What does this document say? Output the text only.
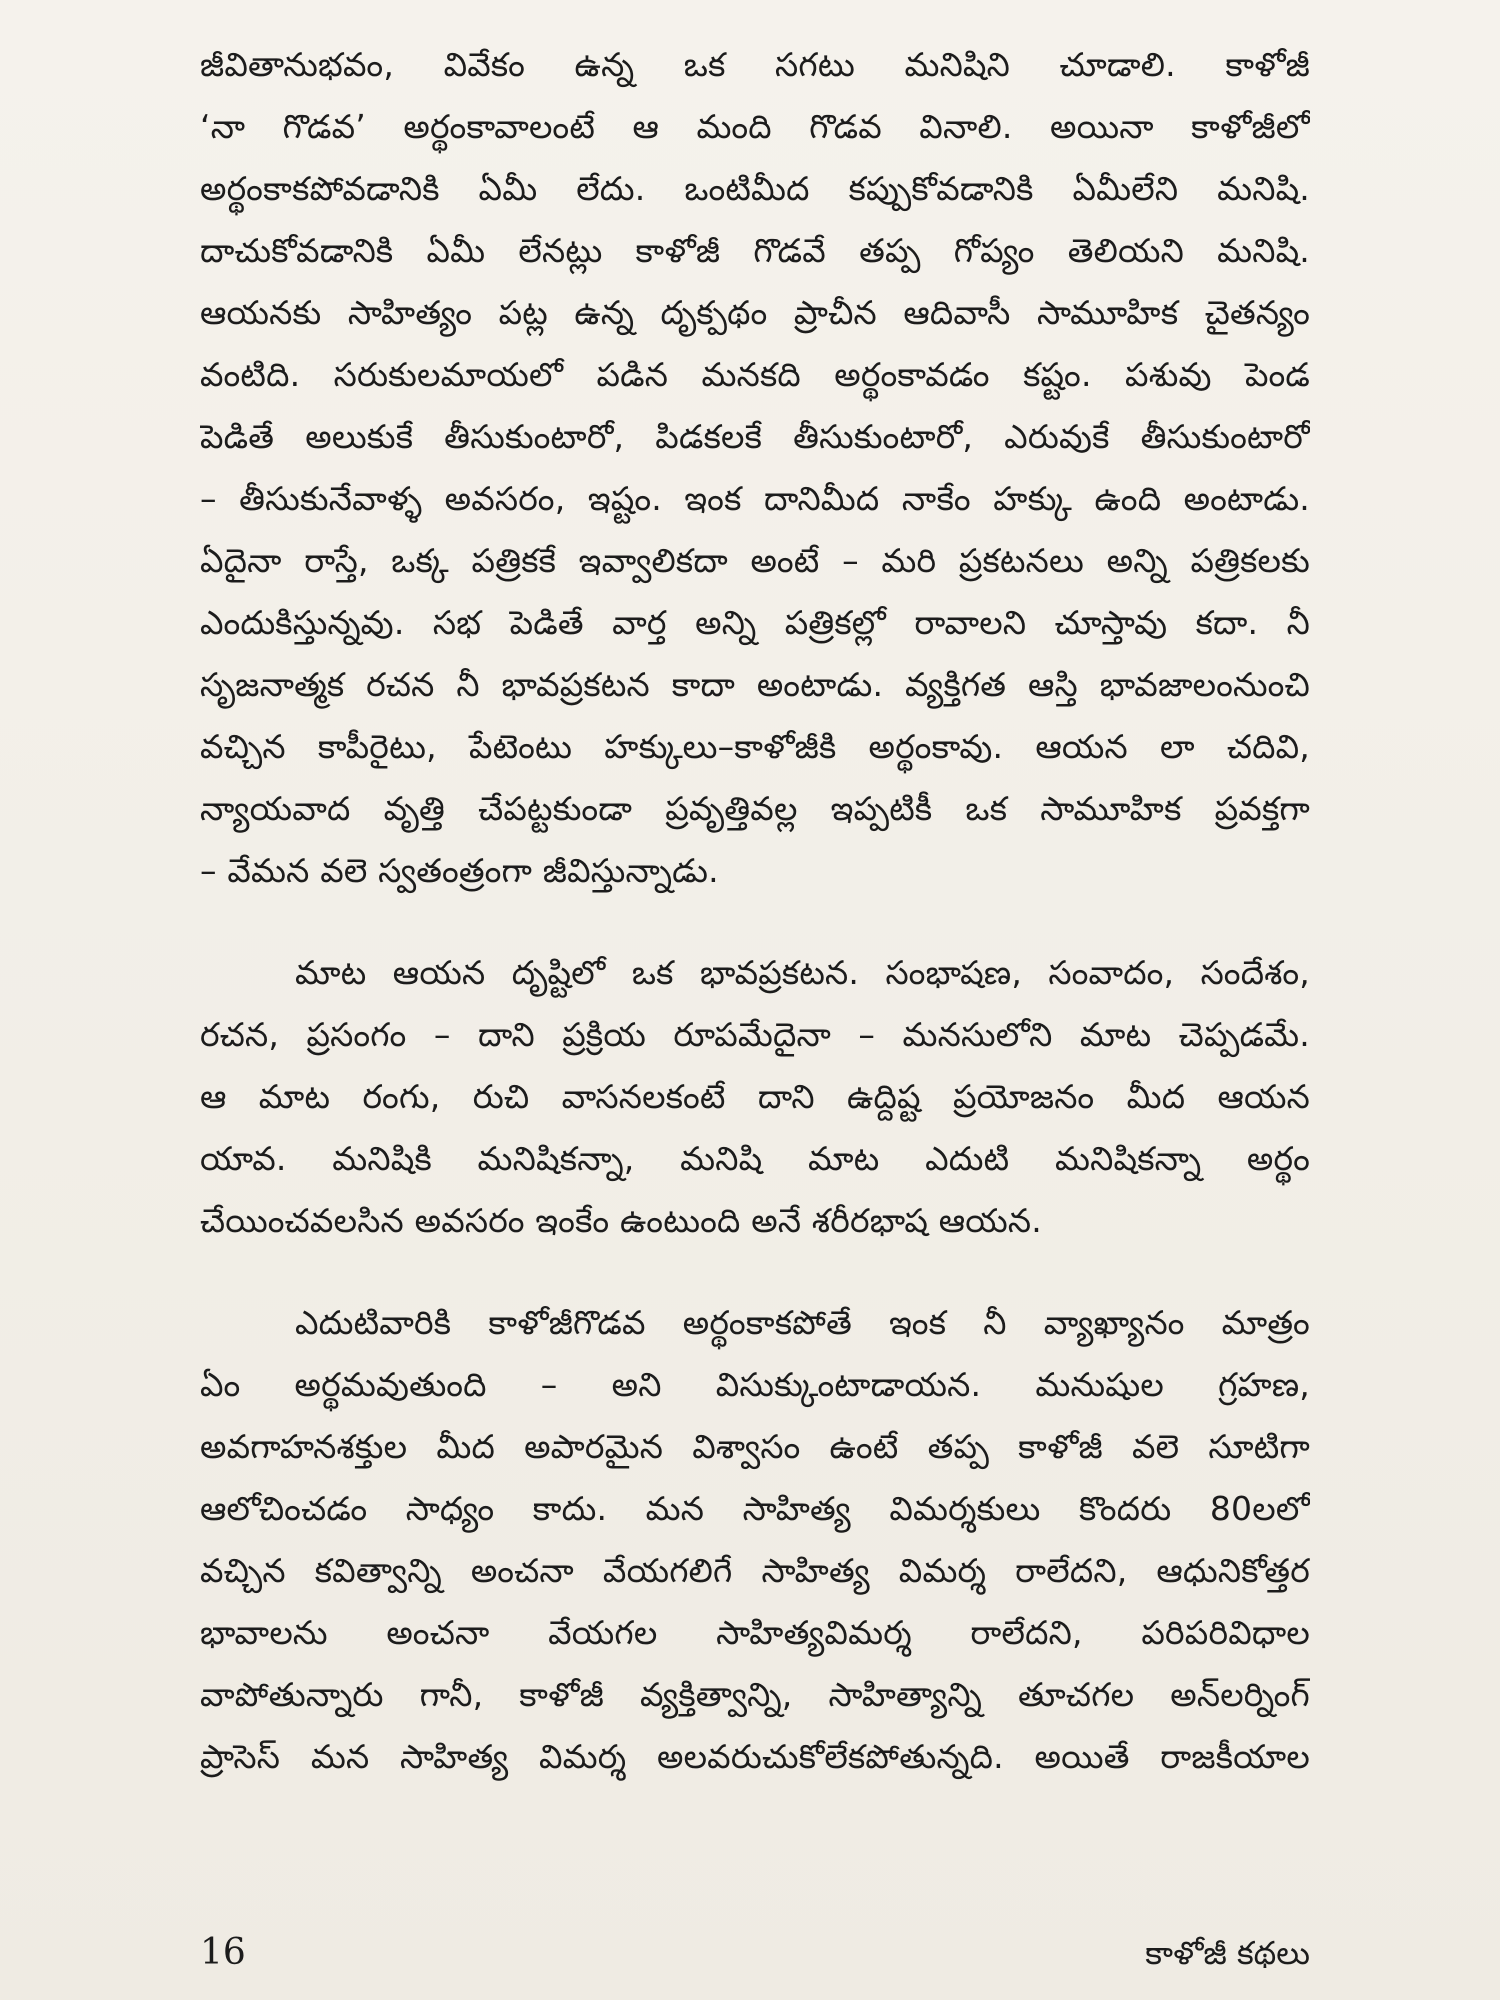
జీవితానుభవం, వివేకం ఉన్న ఒక సగటు మనిషిని చూడాలి. కాళోజీ
‘నా గొడవ’ అర్థంకావాలంటే ఆ మంది గొడవ వినాలి. అయినా కాళోజీలో
అర్థంకాకపోవడానికి ఏమీ లేదు. ఒంటిమీద కప్పుకోవడానికి ఏమీలేని మనిషి.
దాచుకోవడానికి ఏమీ లేనట్లు కాళోజీ గొడవే తప్ప గోప్యం తెలియని మనిషి.
ఆయనకు సాహిత్యం పట్ల ఉన్న దృక్పథం ప్రాచీన ఆదివాసీ సామూహిక చైతన్యం
వంటిది. సరుకులమాయలో పడిన మనకది అర్థంకావడం కష్టం. పశువు పెండ
పెడితే అలుకుకే తీసుకుంటారో, పిడకలకే తీసుకుంటారో, ఎరువుకే తీసుకుంటారో
– తీసుకునేవాళ్ళ అవసరం, ఇష్టం. ఇంక దానిమీద నాకేం హక్కు ఉంది అంటాడు.
ఏదైనా రాస్తే, ఒక్క పత్రికకే ఇవ్వాలికదా అంటే – మరి ప్రకటనలు అన్ని పత్రికలకు
ఎందుకిస్తున్నవు. సభ పెడితే వార్త అన్ని పత్రికల్లో రావాలని చూస్తావు కదా. నీ
సృజనాత్మక రచన నీ భావప్రకటన కాదా అంటాడు. వ్యక్తిగత ఆస్తి భావజాలంనుంచి
వచ్చిన కాపీరైటు, పేటెంటు హక్కులు–కాళోజీకి అర్థంకావు. ఆయన లా చదివి,
న్యాయవాద వృత్తి చేపట్టకుండా ప్రవృత్తివల్ల ఇప్పటికీ ఒక సామూహిక ప్రవక్తగా
– వేమన వలె స్వతంత్రంగా జీవిస్తున్నాడు.
మాట ఆయన దృష్టిలో ఒక భావప్రకటన. సంభాషణ, సంవాదం, సందేశం,
రచన, ప్రసంగం – దాని ప్రక్రియ రూపమేదైనా – మనసులోని మాట చెప్పడమే.
ఆ మాట రంగు, రుచి వాసనలకంటే దాని ఉద్దిష్ట ప్రయోజనం మీద ఆయన
యావ. మనిషికి మనిషికన్నా, మనిషి మాట ఎదుటి మనిషికన్నా అర్థం
చేయించవలసిన అవసరం ఇంకేం ఉంటుంది అనే శరీరభాష ఆయన.
ఎదుటివారికి కాళోజీగొడవ అర్థంకాకపోతే ఇంక నీ వ్యాఖ్యానం మాత్రం
ఏం అర్థమవుతుంది – అని విసుక్కుంటాడాయన. మనుషుల గ్రహణ,
అవగాహనశక్తుల మీద అపారమైన విశ్వాసం ఉంటే తప్ప కాళోజీ వలె సూటిగా
ఆలోచించడం సాధ్యం కాదు. మన సాహిత్య విమర్శకులు కొందరు 80లలో
వచ్చిన కవిత్వాన్ని అంచనా వేయగలిగే సాహిత్య విమర్శ రాలేదని, ఆధునికోత్తర
భావాలను అంచనా వేయగల సాహిత్యవిమర్శ రాలేదని, పరిపరివిధాల
వాపోతున్నారు గానీ, కాళోజీ వ్యక్తిత్వాన్ని, సాహిత్యాన్ని తూచగల అన్‌లర్నింగ్
ప్రాసెస్ మన సాహిత్య విమర్శ అలవరుచుకోలేకపోతున్నది. అయితే రాజకీయాల
16	కాళోజీ కథలు
